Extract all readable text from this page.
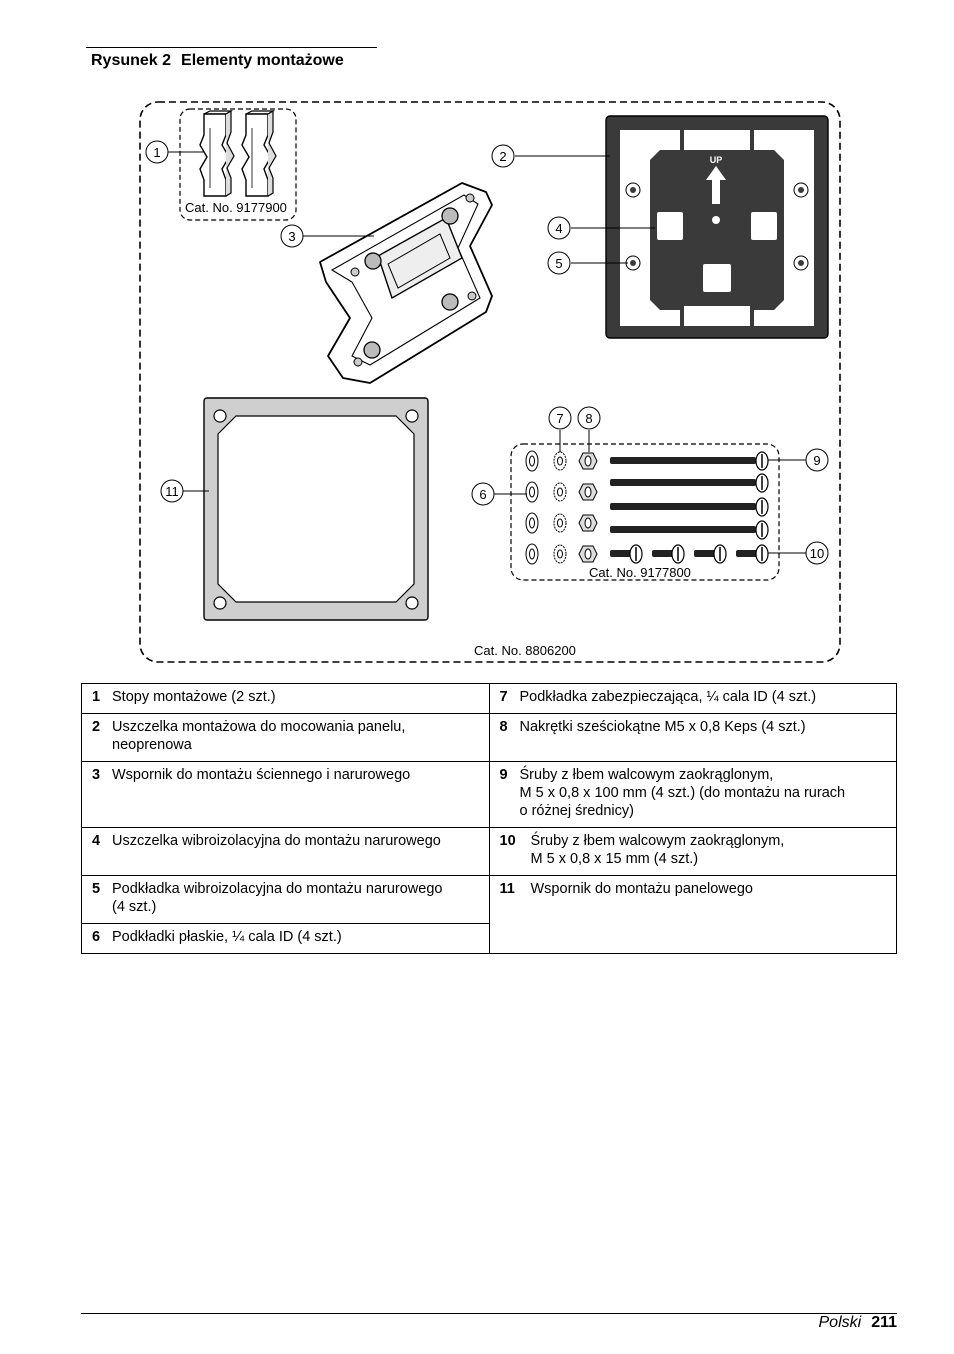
Rysunek 2 Elementy montażowe
Cat. No. 9177900
UP
Cat. No. 9177800
Cat. No. 8806200
1	2
3
4
5
6
7 8
9
10
11
1 Stopy montażowe (2 szt.)	7 Podkładka zabezpieczająca, ¼ cala ID (4 szt.)

2 Uszczelka montażowa do mocowania panelu,
neoprenowa	8 Nakrętki sześciokątne M5 x 0,8 Keps (4 szt.)

3 Wspornik do montażu ściennego i narurowego	9 Śruby z łbem walcowym zaokrąglonym,
M 5 x 0,8 x 100 mm (4 szt.) (do montażu na rurach
o różnej średnicy)

4 Uszczelka wibroizolacyjna do montażu narurowego	10 Śruby z łbem walcowym zaokrąglonym,
M 5 x 0,8 x 15 mm (4 szt.)

5 Podkładka wibroizolacyjna do montażu narurowego
(4 szt.)	11 Wspornik do montażu panelowego

6 Podkładki płaskie, ¼ cala ID (4 szt.)	
Polski 211
